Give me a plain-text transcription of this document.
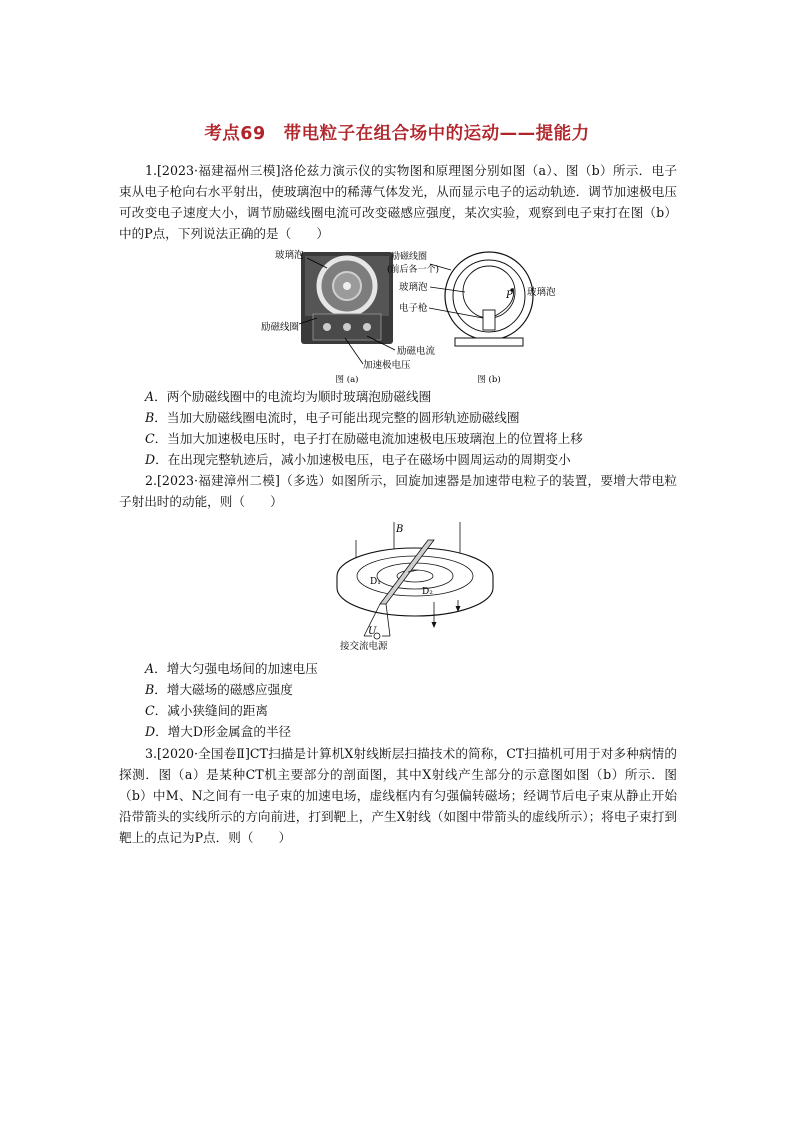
考点69　带电粒子在组合场中的运动——提能力
1.[2023·福建福州三模]洛伦兹力演示仪的实物图和原理图分别如图（a）、图（b）所示．电子束从电子枪向右水平射出，使玻璃泡中的稀薄气体发光，从而显示电子的运动轨迹．调节加速极电压可改变电子速度大小，调节励磁线圈电流可改变磁感应强度，某次实验，观察到电子束打在图（b）中的P点，下列说法正确的是（　　）
玻璃泡
励磁线圈
励磁电流
加速极电压
图 (a)
励磁线圈
(前后各一个)
玻璃泡
电子枪
玻璃泡
P
图 (b)
A．两个励磁线圈中的电流均为顺时玻璃泡励磁线圈
B．当加大励磁线圈电流时，电子可能出现完整的圆形轨迹励磁线圈
C．当加大加速极电压时，电子打在励磁电流加速极电压玻璃泡上的位置将上移
D．在出现完整轨迹后，减小加速极电压，电子在磁场中圆周运动的周期变小
2.[2023·福建漳州二模]（多选）如图所示，回旋加速器是加速带电粒子的装置，要增大带电粒子射出时的动能，则（　　）
B
D₁
D₂
U
接交流电源
A．增大匀强电场间的加速电压
B．增大磁场的磁感应强度
C．减小狭缝间的距离
D．增大D形金属盒的半径
3.[2020·全国卷Ⅱ]CT扫描是计算机X射线断层扫描技术的简称，CT扫描机可用于对多种病情的探测．图（a）是某种CT机主要部分的剖面图，其中X射线产生部分的示意图如图（b）所示．图（b）中M、N之间有一电子束的加速电场，虚线框内有匀强偏转磁场；经调节后电子束从静止开始沿带箭头的实线所示的方向前进，打到靶上，产生X射线（如图中带箭头的虚线所示）；将电子束打到靶上的点记为P点．则（　　）
